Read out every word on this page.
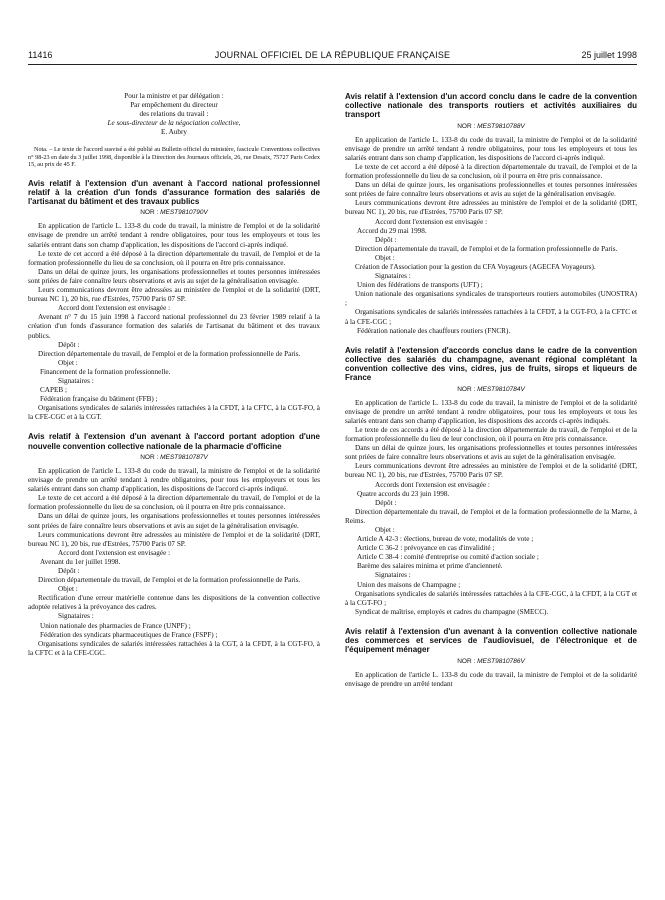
11416	JOURNAL OFFICIEL DE LA RÉPUBLIQUE FRANÇAISE	25 juillet 1998

Pour la ministre et par délégation :

Par empêchement du directeur

des relations du travail :

Le sous-directeur de la négociation collective,

E. Aubry

Nota. – Le texte de l'accord susvisé a été publié au Bulletin officiel du ministère, fascicule Conventions collectives n° 98-23 en date du 3 juillet 1998, disponible à la Direction des Journaux officiels, 26, rue Desaix, 75727 Paris Cedex 15, au prix de 45 F.

Avis relatif à l'extension d'un avenant à l'accord national professionnel relatif à la création d'un fonds d'assurance formation des salariés de l'artisanat du bâtiment et des travaux publics
NOR : MEST9810790V

En application de l'article L. 133-8 du code du travail, la ministre de l'emploi et de la solidarité envisage de prendre un arrêté tendant à rendre obligatoires, pour tous les employeurs et tous les salariés entrant dans son champ d'application, les dispositions de l'accord ci-après indiqué.

Le texte de cet accord a été déposé à la direction départementale du travail, de l'emploi et de la formation professionnelle du lieu de sa conclusion, où il pourra en être pris connaissance.

Dans un délai de quinze jours, les organisations professionnelles et toutes personnes intéressées sont priées de faire connaître leurs observations et avis au sujet de la généralisation envisagée.

Leurs communications devront être adressées au ministère de l'emploi et de la solidarité (DRT, bureau NC 1), 20 bis, rue d'Estrées, 75700 Paris 07 SP.

Accord dont l'extension est envisagée :

Avenant n° 7 du 15 juin 1998 à l'accord national professionnel du 23 février 1989 relatif à la création d'un fonds d'assurance formation des salariés de l'artisanat du bâtiment et des travaux publics.

Dépôt :

Direction départementale du travail, de l'emploi et de la formation professionnelle de Paris.

Objet :

Financement de la formation professionnelle.

Signataires :

CAPEB ;

Fédération française du bâtiment (FFB) ;

Organisations syndicales de salariés intéressées rattachées à la CFDT, à la CFTC, à la CGT-FO, à la CFE-CGC et à la CGT.

Avis relatif à l'extension d'un avenant à l'accord portant adoption d'une nouvelle convention collective nationale de la pharmacie d'officine
NOR : MEST9810787V

En application de l'article L. 133-8 du code du travail, la ministre de l'emploi et de la solidarité envisage de prendre un arrêté tendant à rendre obligatoires, pour tous les employeurs et tous les salariés entrant dans son champ d'application, les dispositions de l'accord ci-après indiqué.

Le texte de cet accord a été déposé à la direction départementale du travail, de l'emploi et de la formation professionnelle du lieu de sa conclusion, où il pourra en être pris connaissance.

Dans un délai de quinze jours, les organisations professionnelles et toutes personnes intéressées sont priées de faire connaître leurs observations et avis au sujet de la généralisation envisagée.

Leurs communications devront être adressées au ministère de l'emploi et de la solidarité (DRT, bureau NC 1), 20 bis, rue d'Estrées, 75700 Paris 07 SP.

Accord dont l'extension est envisagée :

Avenant du 1er juillet 1998.

Dépôt :

Direction départementale du travail, de l'emploi et de la formation professionnelle de Paris.

Objet :

Rectification d'une erreur matérielle contenue dans les dispositions de la convention collective adoptée relatives à la prévoyance des cadres.

Signataires :

Union nationale des pharmacies de France (UNPF) ;

Fédération des syndicats pharmaceutiques de France (FSPF) ;

Organisations syndicales de salariés intéressées rattachées à la CGT, à la CFDT, à la CGT-FO, à la CFTC et à la CFE-CGC.

Avis relatif à l'extension d'un accord conclu dans le cadre de la convention collective nationale des transports routiers et activités auxiliaires du transport
NOR : MEST9810788V

En application de l'article L. 133-8 du code du travail, la ministre de l'emploi et de la solidarité envisage de prendre un arrêté tendant à rendre obligatoires, pour tous les employeurs et tous les salariés entrant dans son champ d'application, les dispositions de l'accord ci-après indiqué.

Le texte de cet accord a été déposé à la direction départementale du travail, de l'emploi et de la formation professionnelle du lieu de sa conclusion, où il pourra en être pris connaissance.

Dans un délai de quinze jours, les organisations professionnelles et toutes personnes intéressées sont priées de faire connaître leurs observations et avis au sujet de la généralisation envisagée.

Leurs communications devront être adressées au ministère de l'emploi et de la solidarité (DRT, bureau NC 1), 20 bis, rue d'Estrées, 75700 Paris 07 SP.

Accord dont l'extension est envisagée :

Accord du 29 mai 1998.

Dépôt :

Direction départementale du travail, de l'emploi et de la formation professionnelle de Paris.

Objet :

Création de l'Association pour la gestion du CFA Voyageurs (AGECFA Voyageurs).

Signataires :

Union des fédérations de transports (UFT) ;

Union nationale des organisations syndicales de transporteurs routiers automobiles (UNOSTRA) ;

Organisations syndicales de salariés intéressées rattachées à la CFDT, à la CGT-FO, à la CFTC et à la CFE-CGC ;

Fédération nationale des chauffeurs routiers (FNCR).

Avis relatif à l'extension d'accords conclus dans le cadre de la convention collective des salariés du champagne, avenant régional complétant la convention collective des vins, cidres, jus de fruits, sirops et liqueurs de France
NOR : MEST9810784V

En application de l'article L. 133-8 du code du travail, la ministre de l'emploi et de la solidarité envisage de prendre un arrêté tendant à rendre obligatoires, pour tous les employeurs et tous les salariés entrant dans son champ d'application, les dispositions des accords ci-après indiqués.

Le texte de ces accords a été déposé à la direction départementale du travail, de l'emploi et de la formation professionnelle du lieu de leur conclusion, où il pourra en être pris connaissance.

Dans un délai de quinze jours, les organisations professionnelles et toutes personnes intéressées sont priées de faire connaître leurs observations et avis au sujet de la généralisation envisagée.

Leurs communications devront être adressées au ministère de l'emploi et de la solidarité (DRT, bureau NC 1), 20 bis, rue d'Estrées, 75700 Paris 07 SP.

Accords dont l'extension est envisagée :

Quatre accords du 23 juin 1998.

Dépôt :

Direction départementale du travail, de l'emploi et de la formation professionnelle de la Marne, à Reims.

Objet :

Article A 42-3 : élections, bureau de vote, modalités de vote ;

Article C 36-2 : prévoyance en cas d'invalidité ;

Article C 38-4 : comité d'entreprise ou comité d'action sociale ;

Barème des salaires minima et prime d'ancienneté.

Signataires :

Union des maisons de Champagne ;

Organisations syndicales de salariés intéressées rattachées à la CFE-CGC, à la CFDT, à la CGT et à la CGT-FO ;

Syndicat de maîtrise, employés et cadres du champagne (SMECC).

Avis relatif à l'extension d'un avenant à la convention collective nationale des commerces et services de l'audiovisuel, de l'électronique et de l'équipement ménager
NOR : MEST9810786V

En application de l'article L. 133-8 du code du travail, la ministre de l'emploi et de la solidarité envisage de prendre un arrêté tendant
